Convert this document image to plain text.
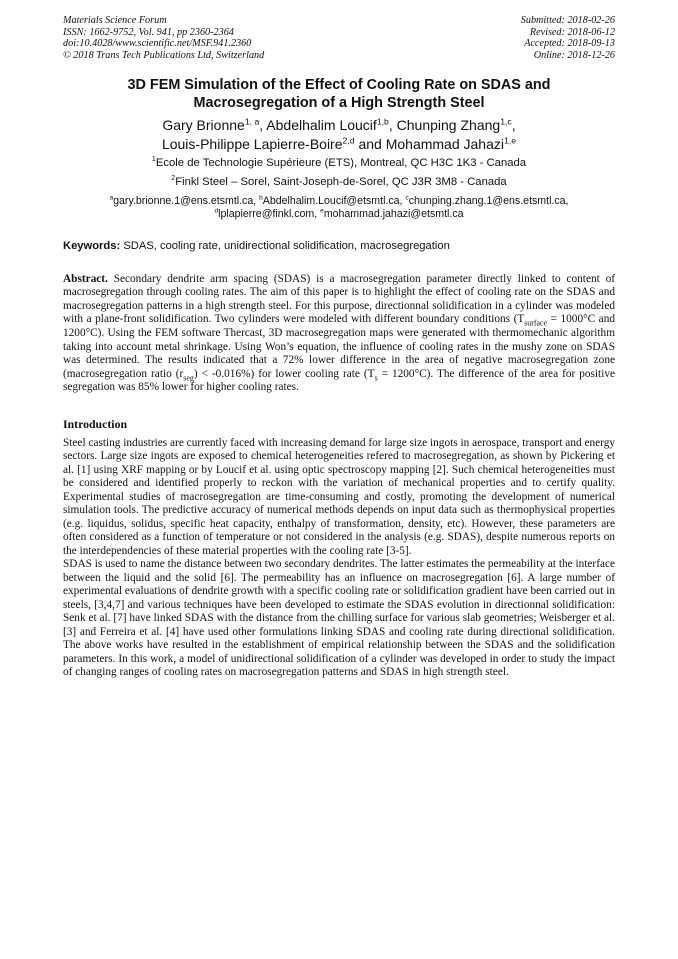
Materials Science Forum
ISSN: 1662-9752, Vol. 941, pp 2360-2364
doi:10.4028/www.scientific.net/MSF.941.2360
© 2018 Trans Tech Publications Ltd, Switzerland
Submitted: 2018-02-26
Revised: 2018-06-12
Accepted: 2018-09-13
Online: 2018-12-26
3D FEM Simulation of the Effect of Cooling Rate on SDAS and
Macrosegregation of a High Strength Steel
Gary Brionne$^{1, a}$, Abdelhalim Loucif$^{1,b}$, Chunping Zhang$^{1,c}$,
Louis-Philippe Lapierre-Boire$^{2,d}$ and Mohammad Jahazi$^{1,e}$
$^1$Ecole de Technologie Supérieure (ETS), Montreal, QC H3C 1K3 - Canada
$^2$Finkl Steel – Sorel, Saint-Joseph-de-Sorel, QC J3R 3M8 - Canada
$^a$gary.brionne.1@ens.etsmtl.ca, $^b$Abdelhalim.Loucif@etsmtl.ca, $^c$chunping.zhang.1@ens.etsmtl.ca,
$^d$lplapierre@finkl.com, $^e$mohammad.jahazi@etsmtl.ca
Keywords: SDAS, cooling rate, unidirectional solidification, macrosegregation
Abstract. Secondary dendrite arm spacing (SDAS) is a macrosegregation parameter directly linked to content of macrosegregation through cooling rates. The aim of this paper is to highlight the effect of cooling rate on the SDAS and macrosegregation patterns in a high strength steel. For this purpose, directionnal solidification in a cylinder was modeled with a plane-front solidification. Two cylinders were modeled with different boundary conditions ($T_{surface} = 1000^\circ C$ and 1200°C). Using the FEM software Thercast, 3D macrosegregation maps were generated with thermomechanic algorithm taking into account metal shrinkage. Using Won’s equation, the influence of cooling rates in the mushy zone on SDAS was determined. The results indicated that a 72% lower difference in the area of negative macrosegregation zone (macrosegregation ratio $(r_{seg}) < -0.016\%$) for lower cooling rate $(T_s = 1200^\circ C)$. The difference of the area for positive segregation was 85% lower for higher cooling rates.
Introduction

Steel casting industries are currently faced with increasing demand for large size ingots in aerospace, transport and energy sectors. Large size ingots are exposed to chemical heterogeneities refered to macrosegregation, as shown by Pickering et al. [1] using XRF mapping or by Loucif et al. using optic spectroscopy mapping [2]. Such chemical heterogeneities must be considered and identified properly to reckon with the variation of mechanical properties and to certify quality. Experimental studies of macrosegregation are time-consuming and costly, promoting the development of numerical simulation tools. The predictive accuracy of numerical methods depends on input data such as thermophysical properties (e.g. liquidus, solidus, specific heat capacity, enthalpy of transformation, density, etc). However, these parameters are often considered as a function of temperature or not considered in the analysis (e.g. SDAS), despite numerous reports on the interdependencies of these material properties with the cooling rate [3-5].

SDAS is used to name the distance between two secondary dendrites. The latter estimates the permeability at the interface between the liquid and the solid [6]. The permeability has an influence on macrosegregation [6]. A large number of experimental evaluations of dendrite growth with a specific cooling rate or solidification gradient have been carried out in steels, [3,4,7] and various techniques have been developed to estimate the SDAS evolution in directionnal solidification: Senk et al. [7] have linked SDAS with the distance from the chilling surface for various slab geometries; Weisberger et al. [3] and Ferreira et al. [4] have used other formulations linking SDAS and cooling rate during directional solidification. The above works have resulted in the establishment of empirical relationship between the SDAS and the solidification parameters. In this work, a model of unidirectional solidification of a cylinder was developed in order to study the impact of changing ranges of cooling rates on macrosegregation patterns and SDAS in high strength steel.
